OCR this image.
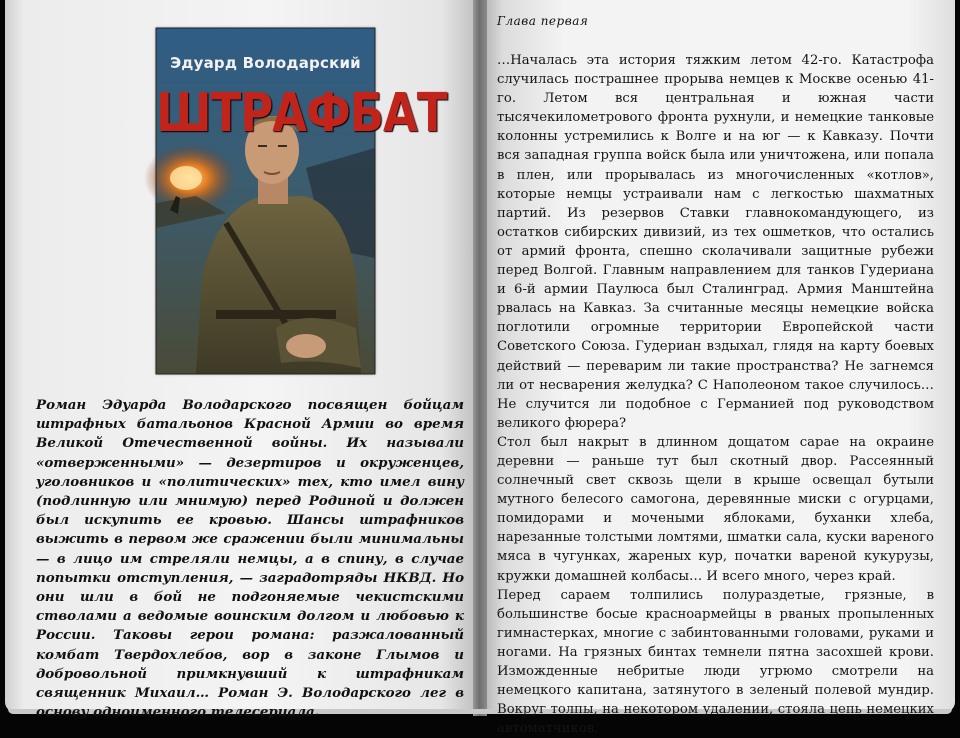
Эдуард Володарский
ШТРАФБАТ
Роман Эдуарда Володарского посвящен бойцам штрафных батальонов Красной Армии во время Великой Отечественной войны. Их называли «отверженными» — дезертиров и окруженцев, уголовников и «политических» тех, кто имел вину (подлинную или мнимую) перед Родиной и должен был искупить ее кровью. Шансы штрафников выжить в первом же сражении были минимальны — в лицо им стреляли немцы, а в спину, в случае попытки отступления, — заградотряды НКВД. Но они шли в бой не подгоняемые чекистскими стволами а ведомые воинским долгом и любовью к России. Таковы герои романа: разжалованный комбат Твердохлебов, вор в законе Глымов и добровольной примкнувший к штрафникам священник Михаил… Роман Э. Володарского лег в основу одноименного телесериала.
Глава первая

…Началась эта история тяжким летом 42-го. Катастрофа случилась пострашнее прорыва немцев к Москве осенью 41-го. Летом вся центральная и южная части тысячекилометрового фронта рухнули, и немецкие танковые колонны устремились к Волге и на юг — к Кавказу. Почти вся западная группа войск была или уничтожена, или попала в плен, или прорывалась из многочисленных «котлов», которые немцы устраивали нам с легкостью шахматных партий. Из резервов Ставки главнокомандующего, из остатков сибирских дивизий, из тех ошметков, что остались от армий фронта, спешно сколачивали защитные рубежи перед Волгой. Главным направлением для танков Гудериана и 6-й армии Паулюса был Сталинград. Армия Манштейна рвалась на Кавказ. За считанные месяцы немецкие войска поглотили огромные территории Европейской части Советского Союза. Гудериан вздыхал, глядя на карту боевых действий — переварим ли такие пространства? Не загнемся ли от несварения желудка? С Наполеоном такое случилось… Не случится ли подобное с Германией под руководством великого фюрера?

Стол был накрыт в длинном дощатом сарае на окраине деревни — раньше тут был скотный двор. Рассеянный солнечный свет сквозь щели в крыше освещал бутыли мутного белесого самогона, деревянные миски с огурцами, помидорами и мочеными яблоками, буханки хлеба, нарезанные толстыми ломтями, шматки сала, куски вареного мяса в чугунках, жареных кур, початки вареной кукурузы, кружки домашней колбасы… И всего много, через край.

Перед сараем толпились полураздетые, грязные, в большинстве босые красноармейцы в рваных пропыленных гимнастерках, многие с забинтованными головами, руками и ногами. На грязных бинтах темнели пятна засохшей крови. Изможденные небритые люди угрюмо смотрели на немецкого капитана, затянутого в зеленый полевой мундир. Вокруг толпы, на некотором удалении, стояла цепь немецких автоматчиков.
